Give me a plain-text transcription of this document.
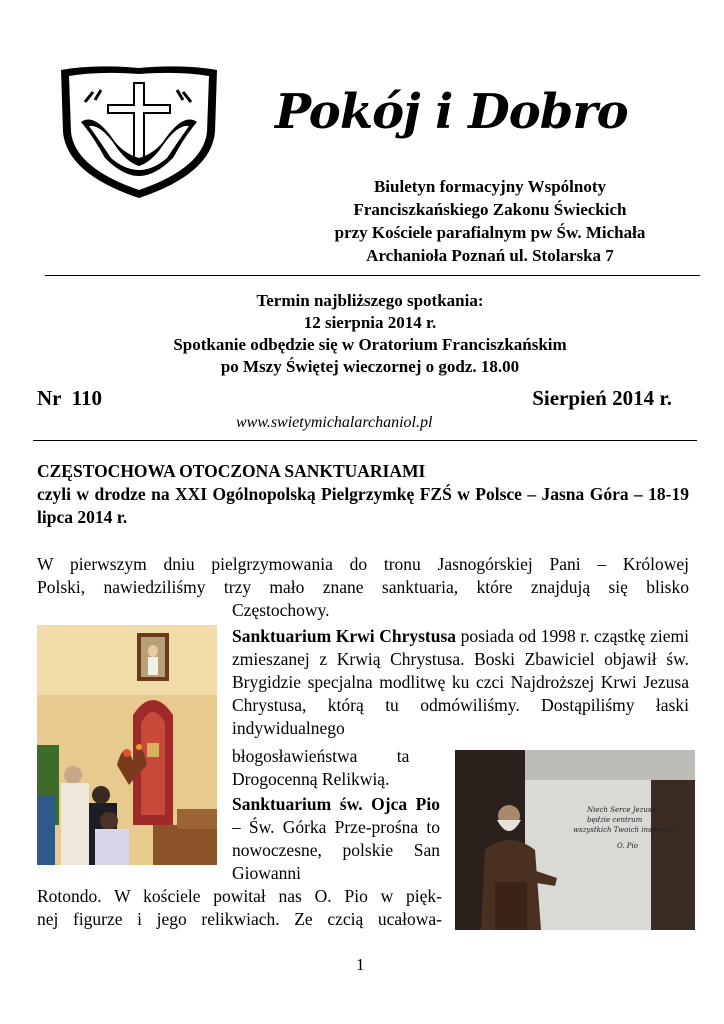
Pokój i Dobro
Biuletyn formacyjny Wspólnoty
Franciszkańskiego Zakonu Świeckich
przy Kościele parafialnym pw Św. Michała
Archanioła Poznań ul. Stolarska 7
Termin najbliższego spotkania:
12 sierpnia 2014 r.
Spotkanie odbędzie się w Oratorium Franciszkańskim
po Mszy Świętej wieczornej o godz. 18.00
Nr  110	Sierpień 2014 r.
www.swietymichalarchaniol.pl
CZĘSTOCHOWA OTOCZONA SANKTUARIAMI
czyli w drodze na XXI Ogólnopolską Pielgrzymkę FZŚ w Polsce – Jasna Góra – 18-19 lipca 2014 r.
W pierwszym dniu pielgrzymowania do tronu Jasnogórskiej Pani – Królowej
Polski, nawiedziliśmy trzy mało znane sanktuaria, które znajdują się blisko
Częstochowy.
Sanktuarium Krwi Chrystusa posiada od 1998 r. cząstkę ziemi zmieszanej z Krwią Chrystusa. Boski Zbawiciel objawił św. Brygidzie specjalna modlitwę ku czci Najdroższej Krwi Jezusa Chrystusa, którą tu odmówiliśmy. Dostąpiliśmy łaski indywidualnego
błogosławieństwa         ta
Drogocenną Relikwią.
Sanktuarium św. Ojca Pio – Św. Górka Prze-prośna to nowoczesne, polskie San Giowanni
Rotondo. W kościele powitał nas O. Pio w pięk-
nej figurze i jego relikwiach. Ze czcią ucałowa-
Niech Serce Jezusa będzie centrum wszystkich Twoich inspiracji O. Pio
1
